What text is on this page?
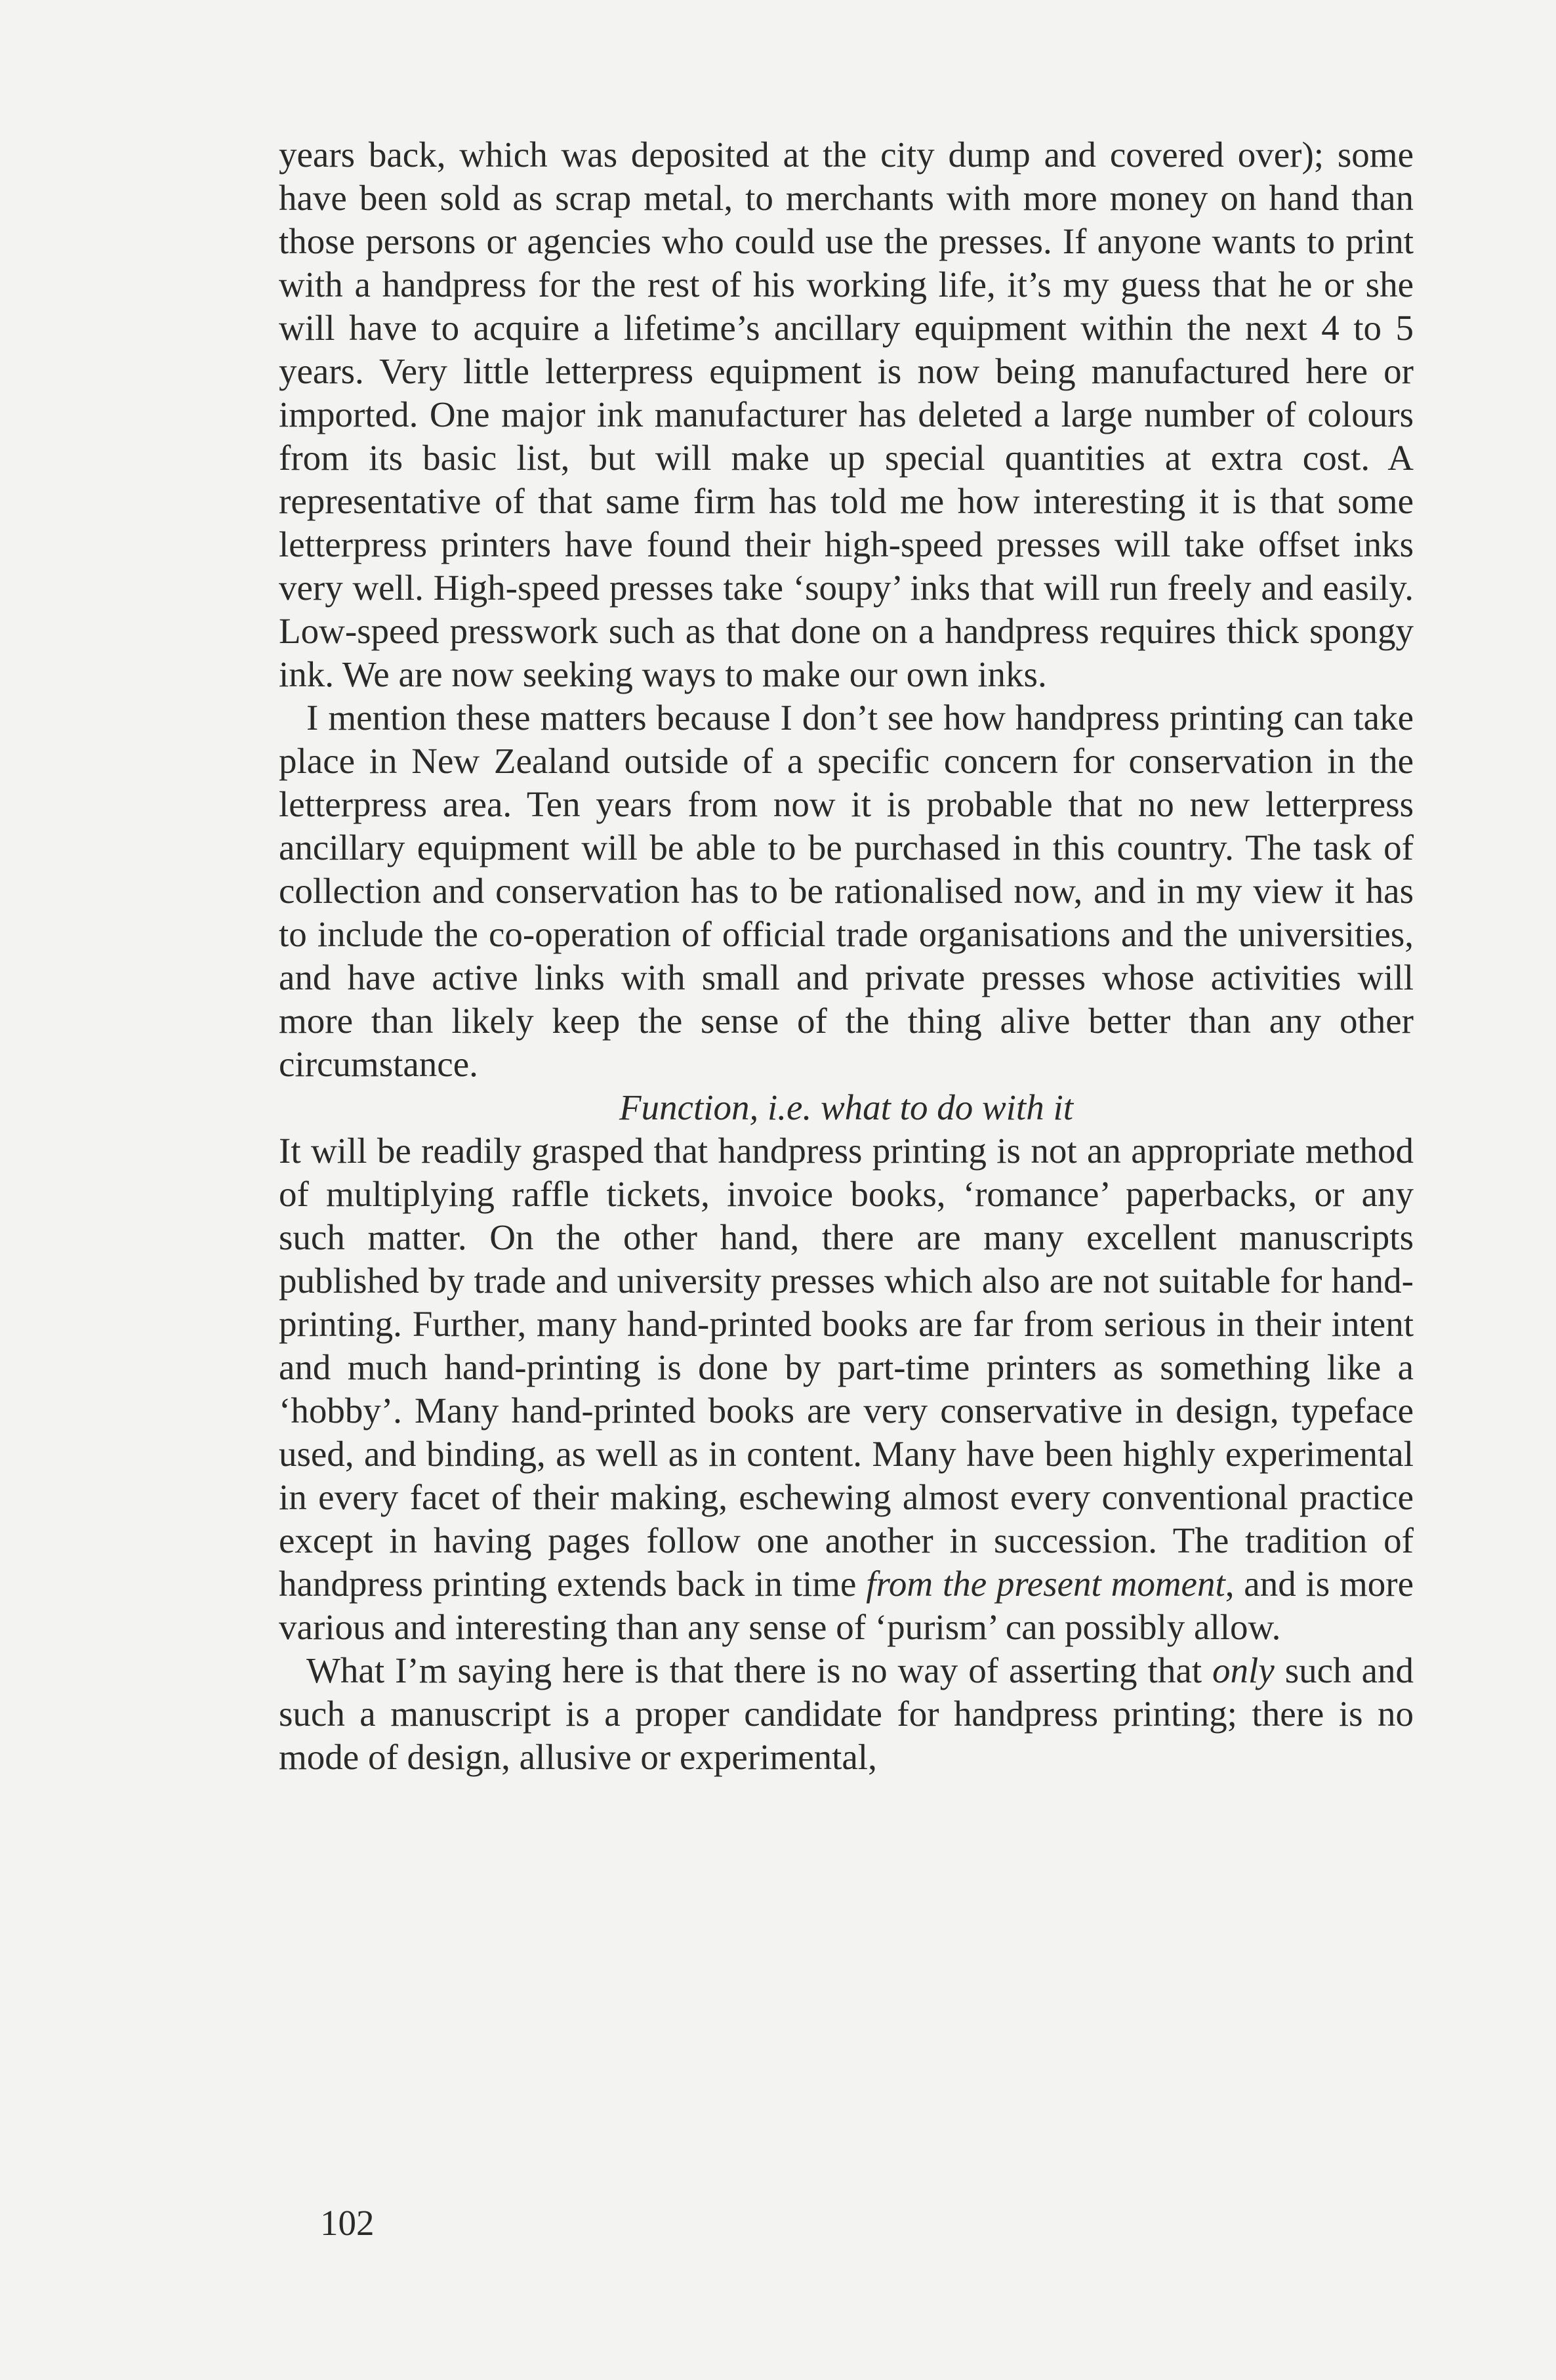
years back, which was deposited at the city dump and covered over); some have been sold as scrap metal, to merchants with more money on hand than those persons or agencies who could use the presses. If anyone wants to print with a handpress for the rest of his working life, it’s my guess that he or she will have to acquire a lifetime’s ancillary equipment within the next 4 to 5 years. Very little letterpress equipment is now being manufactured here or imported. One major ink manufacturer has deleted a large number of colours from its basic list, but will make up special quantities at extra cost. A representative of that same firm has told me how interesting it is that some letterpress printers have found their high-speed presses will take offset inks very well. High-speed presses take ‘soupy’ inks that will run freely and easily. Low-speed presswork such as that done on a handpress requires thick spongy ink. We are now seeking ways to make our own inks.

I mention these matters because I don’t see how handpress printing can take place in New Zealand outside of a specific concern for conservation in the letterpress area. Ten years from now it is probable that no new letterpress ancillary equipment will be able to be purchased in this country. The task of collection and conservation has to be rationalised now, and in my view it has to include the co-operation of official trade organisations and the universities, and have active links with small and private presses whose activities will more than likely keep the sense of the thing alive better than any other circumstance.

Function, i.e. what to do with it

It will be readily grasped that handpress printing is not an appropriate method of multiplying raffle tickets, invoice books, ‘romance’ paperbacks, or any such matter. On the other hand, there are many excellent manuscripts published by trade and university presses which also are not suitable for hand-printing. Further, many hand-printed books are far from serious in their intent and much hand-printing is done by part-time printers as something like a ‘hobby’. Many hand-printed books are very conservative in design, typeface used, and binding, as well as in content. Many have been highly experimental in every facet of their making, eschewing almost every conventional practice except in having pages follow one another in succession. The tradition of handpress printing extends back in time from the present moment, and is more various and interesting than any sense of ‘purism’ can possibly allow.

What I’m saying here is that there is no way of asserting that only such and such a manuscript is a proper candidate for handpress printing; there is no mode of design, allusive or experimental,

102
